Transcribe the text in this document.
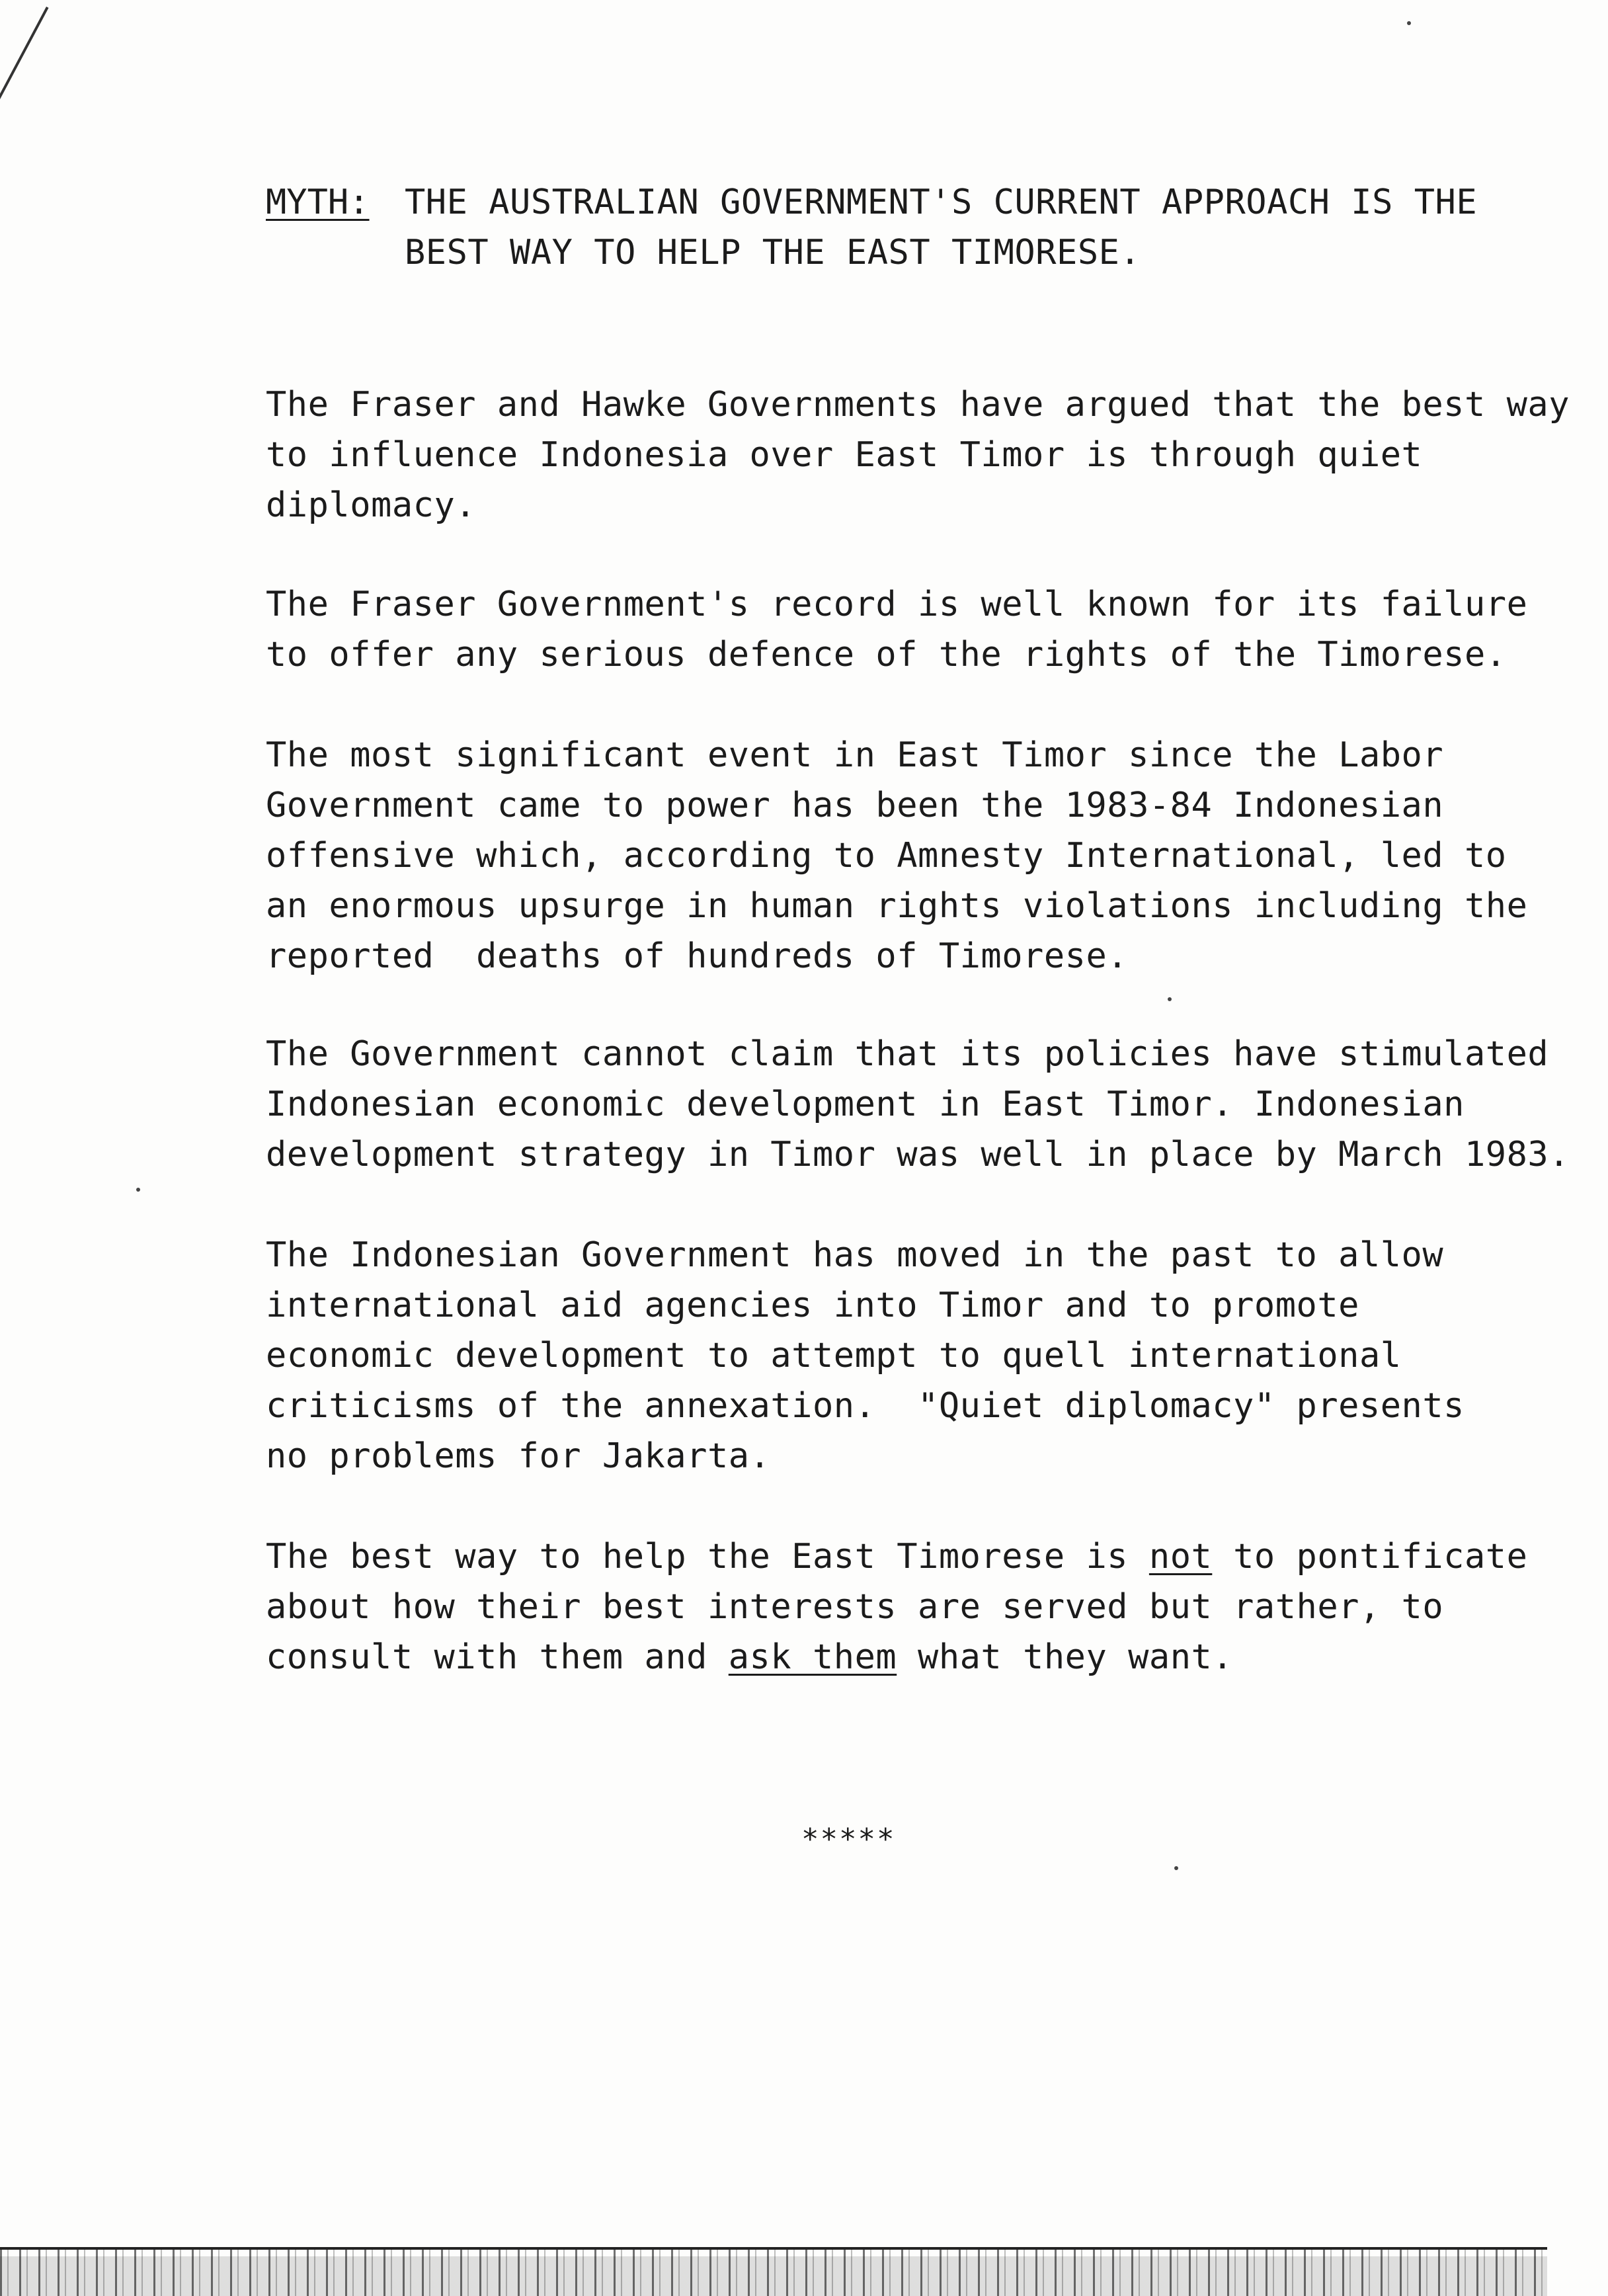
MYTH: THE AUSTRALIAN GOVERNMENT'S CURRENT APPROACH IS THE
BEST WAY TO HELP THE EAST TIMORESE.
The Fraser and Hawke Governments have argued that the best way
to influence Indonesia over East Timor is through quiet
diplomacy.
The Fraser Government's record is well known for its failure
to offer any serious defence of the rights of the Timorese.
The most significant event in East Timor since the Labor
Government came to power has been the 1983-84 Indonesian
offensive which, according to Amnesty International, led to
an enormous upsurge in human rights violations including the
reported  deaths of hundreds of Timorese.
The Government cannot claim that its policies have stimulated
Indonesian economic development in East Timor. Indonesian
development strategy in Timor was well in place by March 1983.
The Indonesian Government has moved in the past to allow
international aid agencies into Timor and to promote
economic development to attempt to quell international
criticisms of the annexation.  "Quiet diplomacy" presents
no problems for Jakarta.
The best way to help the East Timorese is not to pontificate
about how their best interests are served but rather, to
consult with them and ask them what they want.
*****
